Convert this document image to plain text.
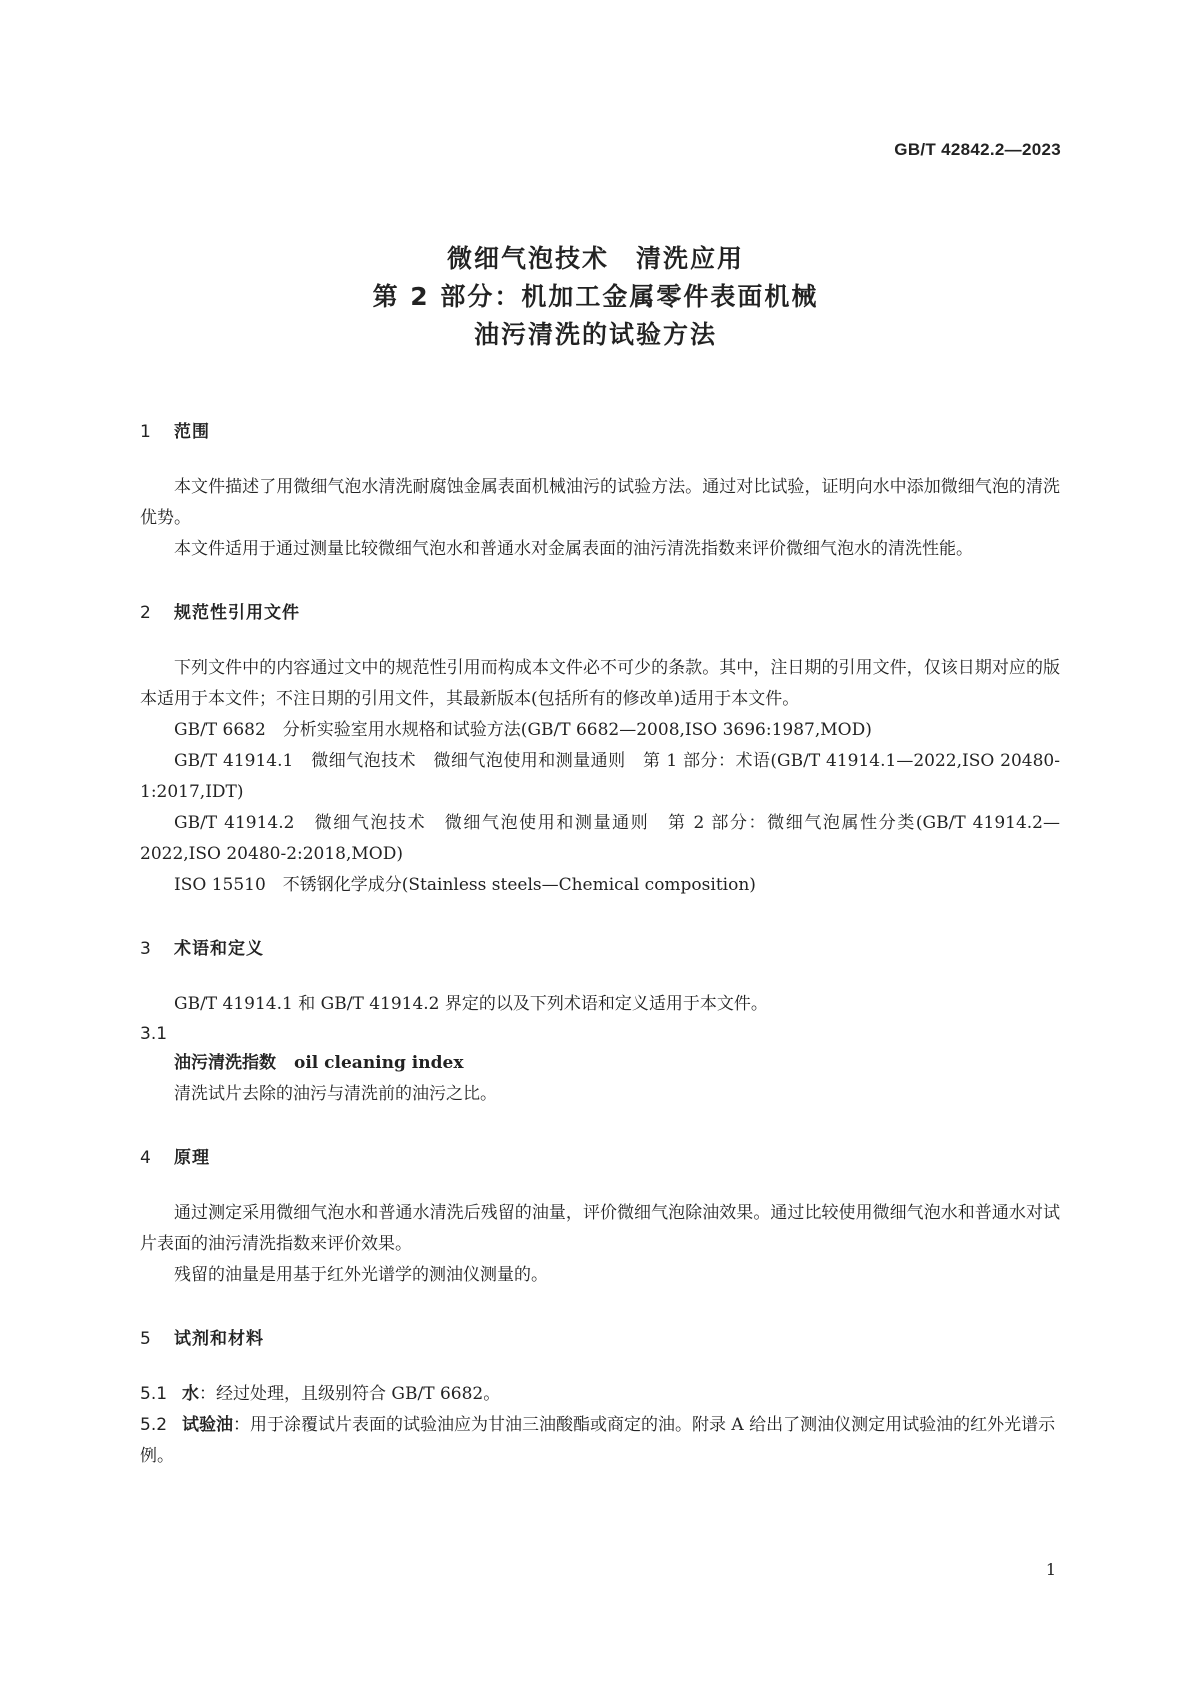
GB/T 42842.2—2023
微细气泡技术　清洗应用
第 2 部分：机加工金属零件表面机械
油污清洗的试验方法
1	范围

本文件描述了用微细气泡水清洗耐腐蚀金属表面机械油污的试验方法。通过对比试验，证明向水中添加微细气泡的清洗优势。

本文件适用于通过测量比较微细气泡水和普通水对金属表面的油污清洗指数来评价微细气泡水的清洗性能。

2	规范性引用文件

下列文件中的内容通过文中的规范性引用而构成本文件必不可少的条款。其中，注日期的引用文件，仅该日期对应的版本适用于本文件；不注日期的引用文件，其最新版本(包括所有的修改单)适用于本文件。

GB/T 6682　分析实验室用水规格和试验方法(GB/T 6682—2008,ISO 3696:1987,MOD)

GB/T 41914.1　微细气泡技术　微细气泡使用和测量通则　第 1 部分：术语(GB/T 41914.1—2022,ISO 20480-1:2017,IDT)

GB/T 41914.2　微细气泡技术　微细气泡使用和测量通则　第 2 部分：微细气泡属性分类(GB/T 41914.2—2022,ISO 20480-2:2018,MOD)

ISO 15510　不锈钢化学成分(Stainless steels—Chemical composition)

3	术语和定义

GB/T 41914.1 和 GB/T 41914.2 界定的以及下列术语和定义适用于本文件。

3.1
油污清洗指数 oil cleaning index
清洗试片去除的油污与清洗前的油污之比。
4	原理

通过测定采用微细气泡水和普通水清洗后残留的油量，评价微细气泡除油效果。通过比较使用微细气泡水和普通水对试片表面的油污清洗指数来评价效果。

残留的油量是用基于红外光谱学的测油仪测量的。

5	试剂和材料
5.1 水：经过处理，且级别符合 GB/T 6682。
5.2 试验油：用于涂覆试片表面的试验油应为甘油三油酸酯或商定的油。附录 A 给出了测油仪测定用试验油的红外光谱示例。
1
